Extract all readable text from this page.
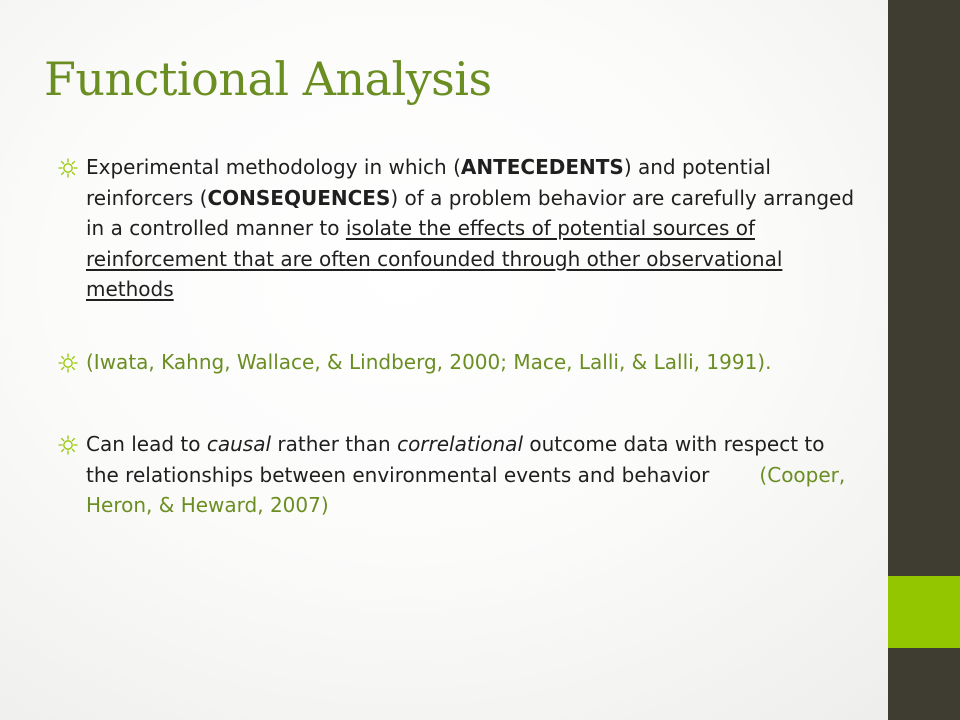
Functional Analysis

Experimental methodology in which (ANTECEDENTS) and potential reinforcers (CONSEQUENCES) of a problem behavior are carefully arranged in a controlled manner to isolate the effects of potential sources of reinforcement that are often confounded through other observational methods

(Iwata, Kahng, Wallace, & Lindberg, 2000; Mace, Lalli, & Lalli, 1991).

Can lead to causal rather than correlational outcome data with respect to the relationships between environmental events and behavior	(Cooper, Heron, & Heward, 2007)
